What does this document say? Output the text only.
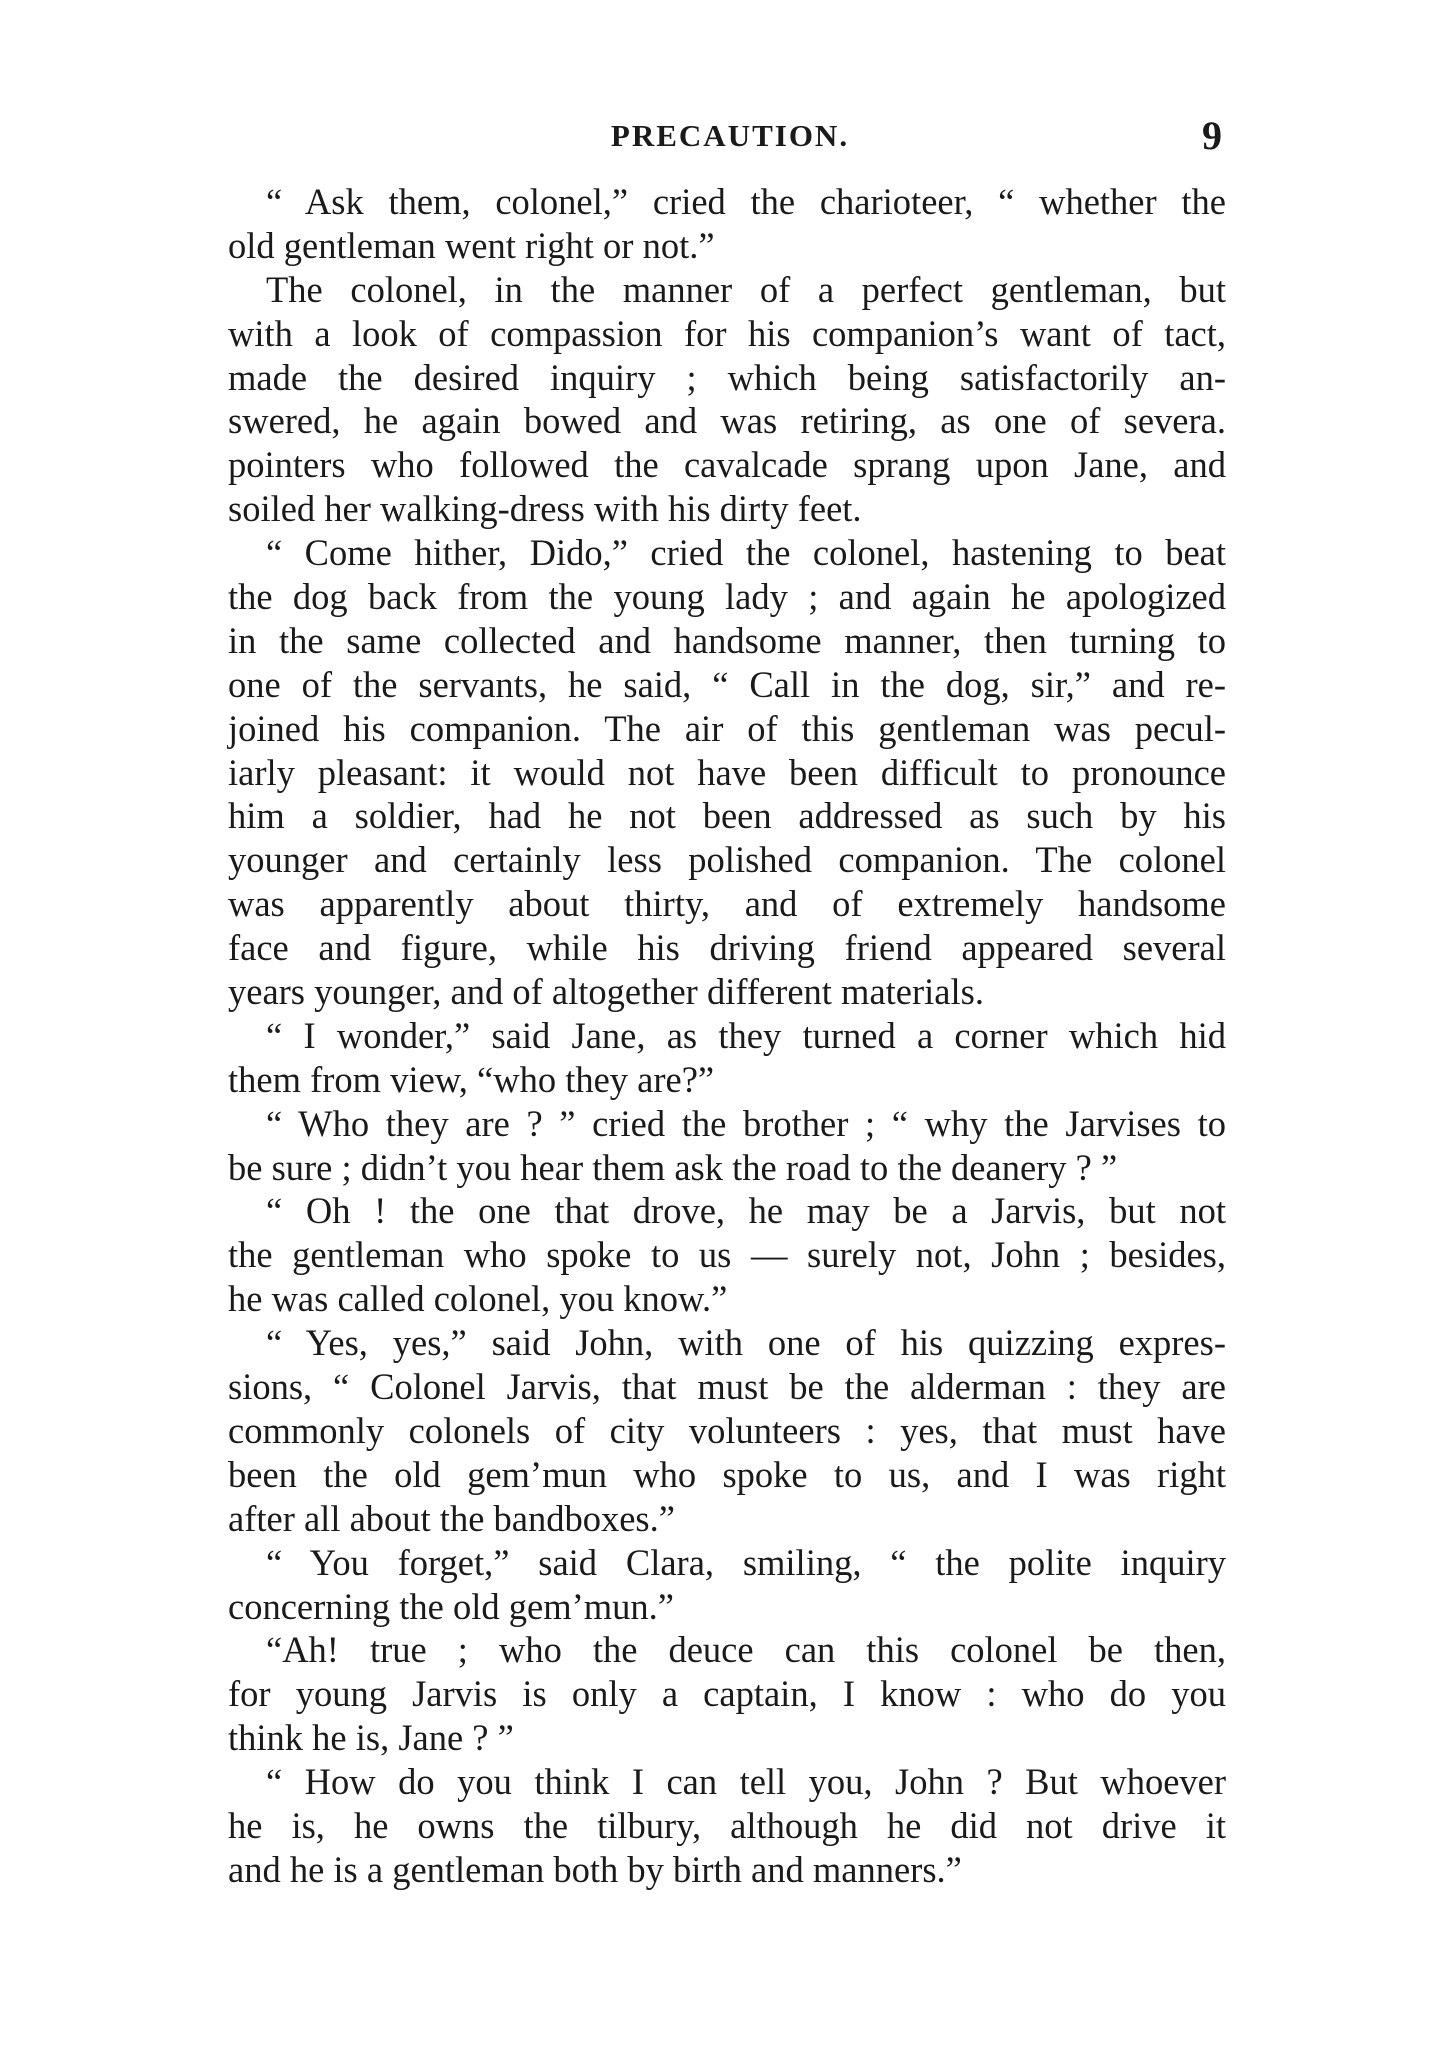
PRECAUTION.	9
“ Ask them, colonel,” cried the charioteer, “ whether the
old gentleman went right or not.”
The colonel, in the manner of a perfect gentleman, but
with a look of compassion for his companion’s want of tact,
made the desired inquiry ; which being satisfactorily an-
swered, he again bowed and was retiring, as one of severa.
pointers who followed the cavalcade sprang upon Jane, and
soiled her walking-dress with his dirty feet.
“ Come hither, Dido,” cried the colonel, hastening to beat
the dog back from the young lady ; and again he apologized
in the same collected and handsome manner, then turning to
one of the servants, he said, “ Call in the dog, sir,” and re-
joined his companion. The air of this gentleman was pecul-
iarly pleasant: it would not have been difficult to pronounce
him a soldier, had he not been addressed as such by his
younger and certainly less polished companion. The colonel
was apparently about thirty, and of extremely handsome
face and figure, while his driving friend appeared several
years younger, and of altogether different materials.
“ I wonder,” said Jane, as they turned a corner which hid
them from view, “who they are?”
“ Who they are ? ” cried the brother ; “ why the Jarvises to
be sure ; didn’t you hear them ask the road to the deanery ? ”
“ Oh ! the one that drove, he may be a Jarvis, but not
the gentleman who spoke to us — surely not, John ; besides,
he was called colonel, you know.”
“ Yes, yes,” said John, with one of his quizzing expres-
sions, “ Colonel Jarvis, that must be the alderman : they are
commonly colonels of city volunteers : yes, that must have
been the old gem’mun who spoke to us, and I was right
after all about the bandboxes.”
“ You forget,” said Clara, smiling, “ the polite inquiry
concerning the old gem’mun.”
“Ah! true ; who the deuce can this colonel be then,
for young Jarvis is only a captain, I know : who do you
think he is, Jane ? ”
“ How do you think I can tell you, John ? But whoever
he is, he owns the tilbury, although he did not drive it
and he is a gentleman both by birth and manners.”
